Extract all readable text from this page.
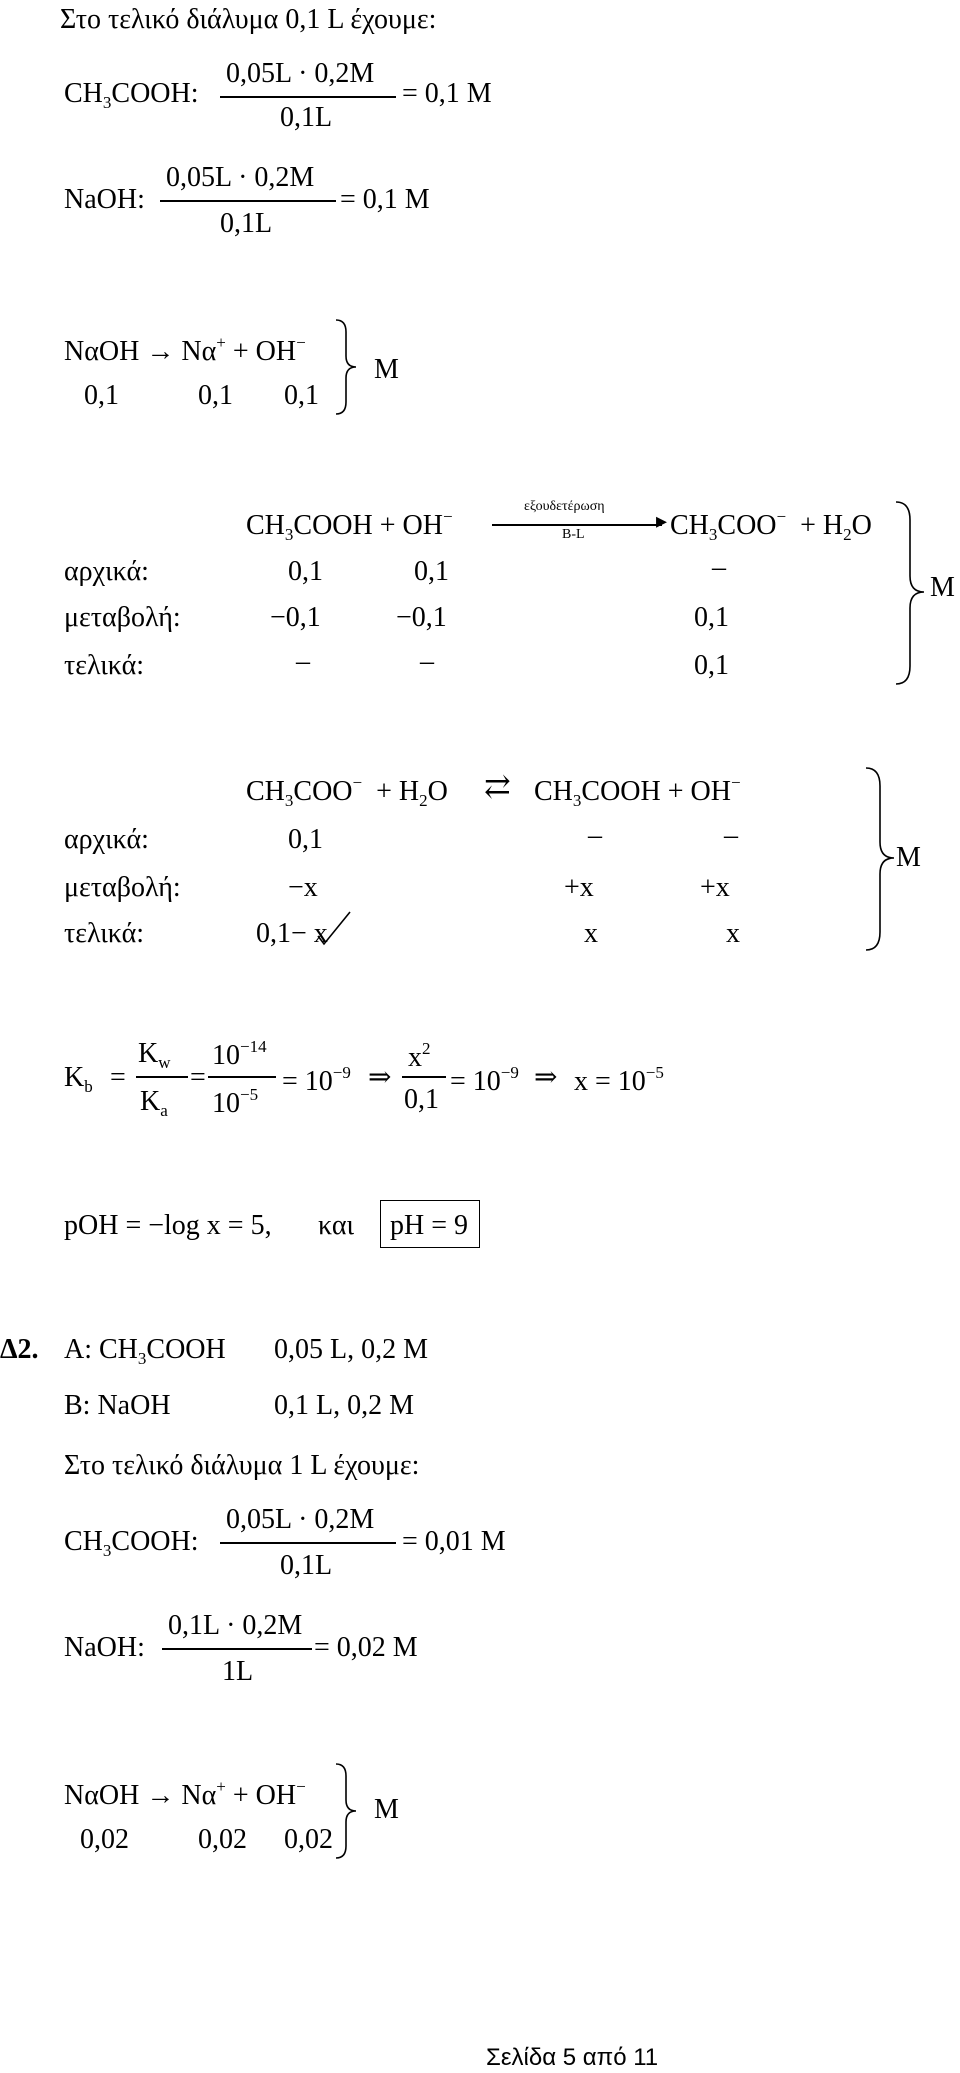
Στο τελικό διάλυμα 0,1 L έχουμε:
$CH_3COOH$:
0,05L · 0,2M
0,1L
= 0,1 M
NaOH:
0,05L · 0,2M
0,1L
= 0,1 M
NαOH → Nα+ + OH−
0,1	0,1 0,1
M
$CH_3COOH + OH^-$
εξουδετέρωση
▸
B-L	$CH_3COO^- + H_2O$
αρχικά:	0,1	0,1	–
μεταβολή:	−0,1	−0,1	0,1
τελικά:	–	–	0,1
M
$CH_3COO^- + H_2O$ ⇄ $CH_3COOH + OH^-$
αρχικά:	0,1	–	–
μεταβολή:	−x	+x	+x
τελικά:	0,1− x	x	x
M
$K_b$ =
$K_w$
$K_a$
=
$10^{-14}$
$10^{-5} = 10^{-9}$ ⇒
$x^2$
0,1
= $10^{-9}$ ⇒ $x = 10^{-5}$
pOH = −log x = 5, και pH = 9
Δ2. A: $CH_3COOH$ 0,05 L, 0,2 M
B: NaOH	0,1 L, 0,2 M
Στο τελικό διάλυμα 1 L έχουμε:
$CH_3COOH$:
0,05L · 0,2M
0,1L
= 0,01 M
NaOH:
0,1L · 0,2M
1L
= 0,02 M
NαOH → Nα+ + OH−
0,02 0,02 0,02
M
Σελίδα 5 από 11
